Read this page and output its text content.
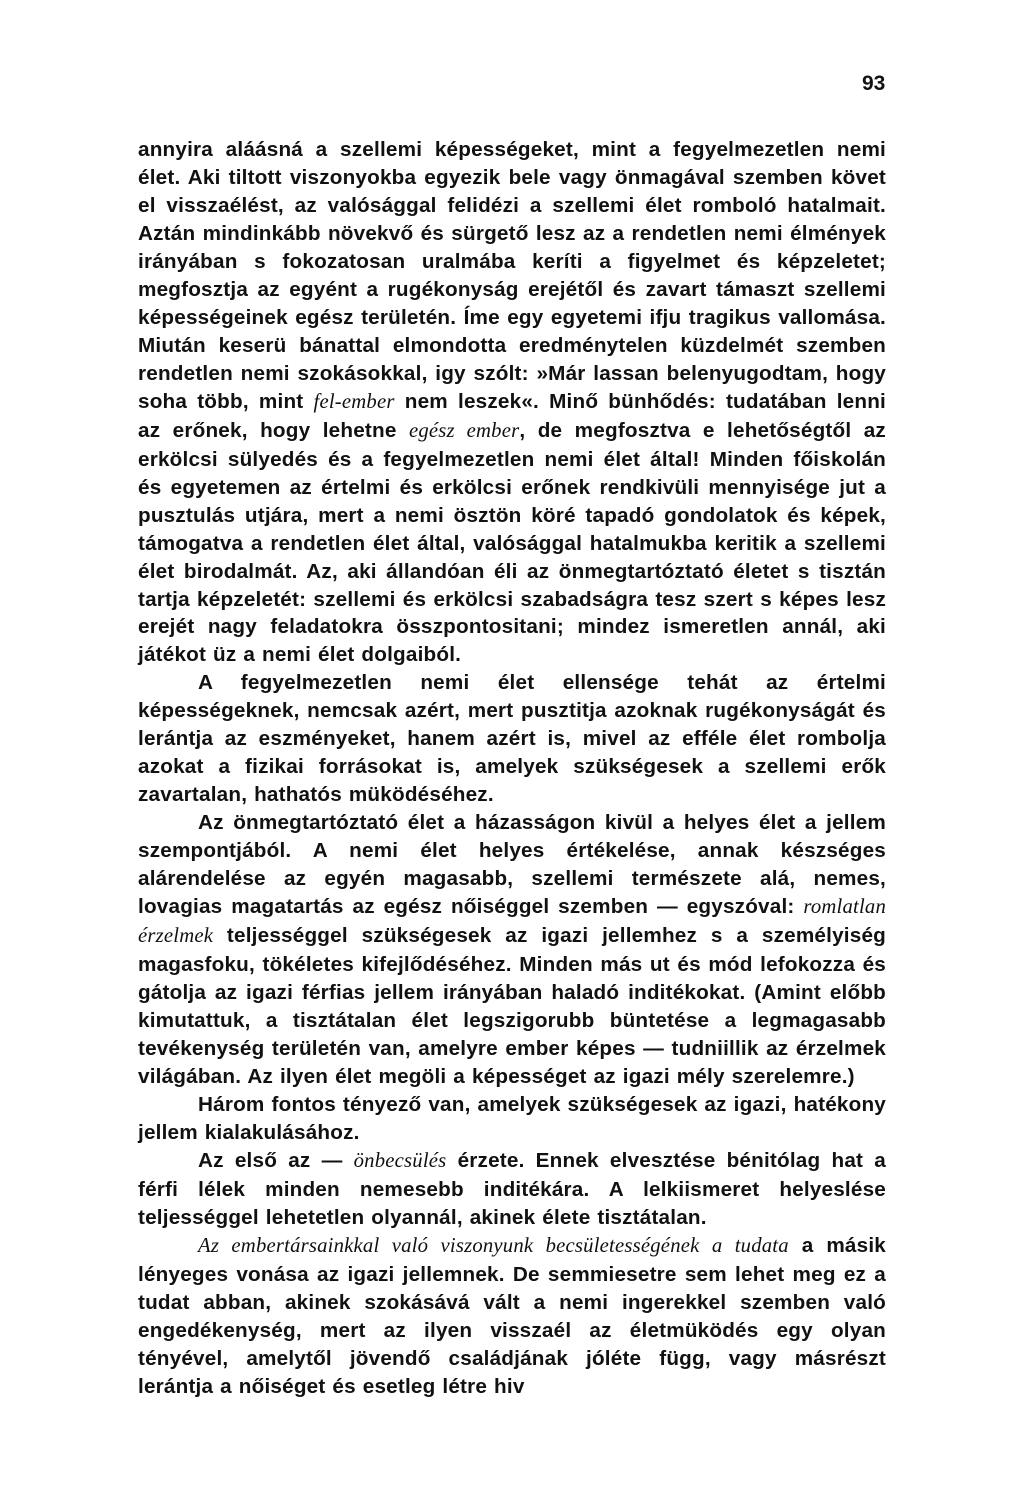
93

annyira aláásná a szellemi képességeket, mint a fegyelmezetlen nemi élet. Aki tiltott viszonyokba egyezik bele vagy önmagával szemben követ el visszaélést, az valósággal felidézi a szellemi élet romboló hatalmait. Aztán mindinkább növekvő és sürgető lesz az a rendetlen nemi élmények irányában s fokozatosan uralmába keríti a figyelmet és képzeletet; megfosztja az egyént a rugékonyság erejétől és zavart támaszt szellemi képességeinek egész területén. Íme egy egyetemi ifju tragikus vallomása. Miután keserü bánattal elmondotta eredménytelen küzdelmét szemben rendetlen nemi szokásokkal, igy szólt: »Már lassan belenyugodtam, hogy soha több, mint fel-ember nem leszek«. Minő bünhődés: tudatában lenni az erőnek, hogy lehetne egész ember, de megfosztva e lehetőségtől az erkölcsi sülyedés és a fegyelmezetlen nemi élet által! Minden főiskolán és egyetemen az értelmi és erkölcsi erőnek rendkivüli mennyisége jut a pusztulás utjára, mert a nemi ösztön köré tapadó gondolatok és képek, támogatva a rendetlen élet által, valósággal hatalmukba keritik a szellemi élet birodalmát. Az, aki állandóan éli az önmegtartóztató életet s tisztán tartja képzeletét: szellemi és erkölcsi szabadságra tesz szert s képes lesz erejét nagy feladatokra összpontositani; mindez ismeretlen annál, aki játékot üz a nemi élet dolgaiból.

A fegyelmezetlen nemi élet ellensége tehát az értelmi képességeknek, nemcsak azért, mert pusztitja azoknak rugékonyságát és lerántja az eszményeket, hanem azért is, mivel az efféle élet rombolja azokat a fizikai forrásokat is, amelyek szükségesek a szellemi erők zavartalan, hathatós müködéséhez.

Az önmegtartóztató élet a házasságon kivül a helyes élet a jellem szempontjából. A nemi élet helyes értékelése, annak készséges alárendelése az egyén magasabb, szellemi természete alá, nemes, lovagias magatartás az egész nőiséggel szemben — egyszóval: romlatlan érzelmek teljességgel szükségesek az igazi jellemhez s a személyiség magasfoku, tökéletes kifejlődéséhez. Minden más ut és mód lefokozza és gátolja az igazi férfias jellem irányában haladó inditékokat. (Amint előbb kimutattuk, a tisztátalan élet legszigorubb büntetése a legmagasabb tevékenység területén van, amelyre ember képes — tudniillik az érzelmek világában. Az ilyen élet megöli a képességet az igazi mély szerelemre.)

Három fontos tényező van, amelyek szükségesek az igazi, hatékony jellem kialakulásához.

Az első az — önbecsülés érzete. Ennek elvesztése bénitólag hat a férfi lélek minden nemesebb inditékára. A lelkiismeret helyeslése teljességgel lehetetlen olyannál, akinek élete tisztátalan.

Az embertársainkkal való viszonyunk becsületességének a tudata a másik lényeges vonása az igazi jellemnek. De semmiesetre sem lehet meg ez a tudat abban, akinek szokásává vált a nemi ingerekkel szemben való engedékenység, mert az ilyen visszaél az életmüködés egy olyan tényével, amelytől jövendő családjának jóléte függ, vagy másrészt lerántja a nőiséget és esetleg létre hiv
